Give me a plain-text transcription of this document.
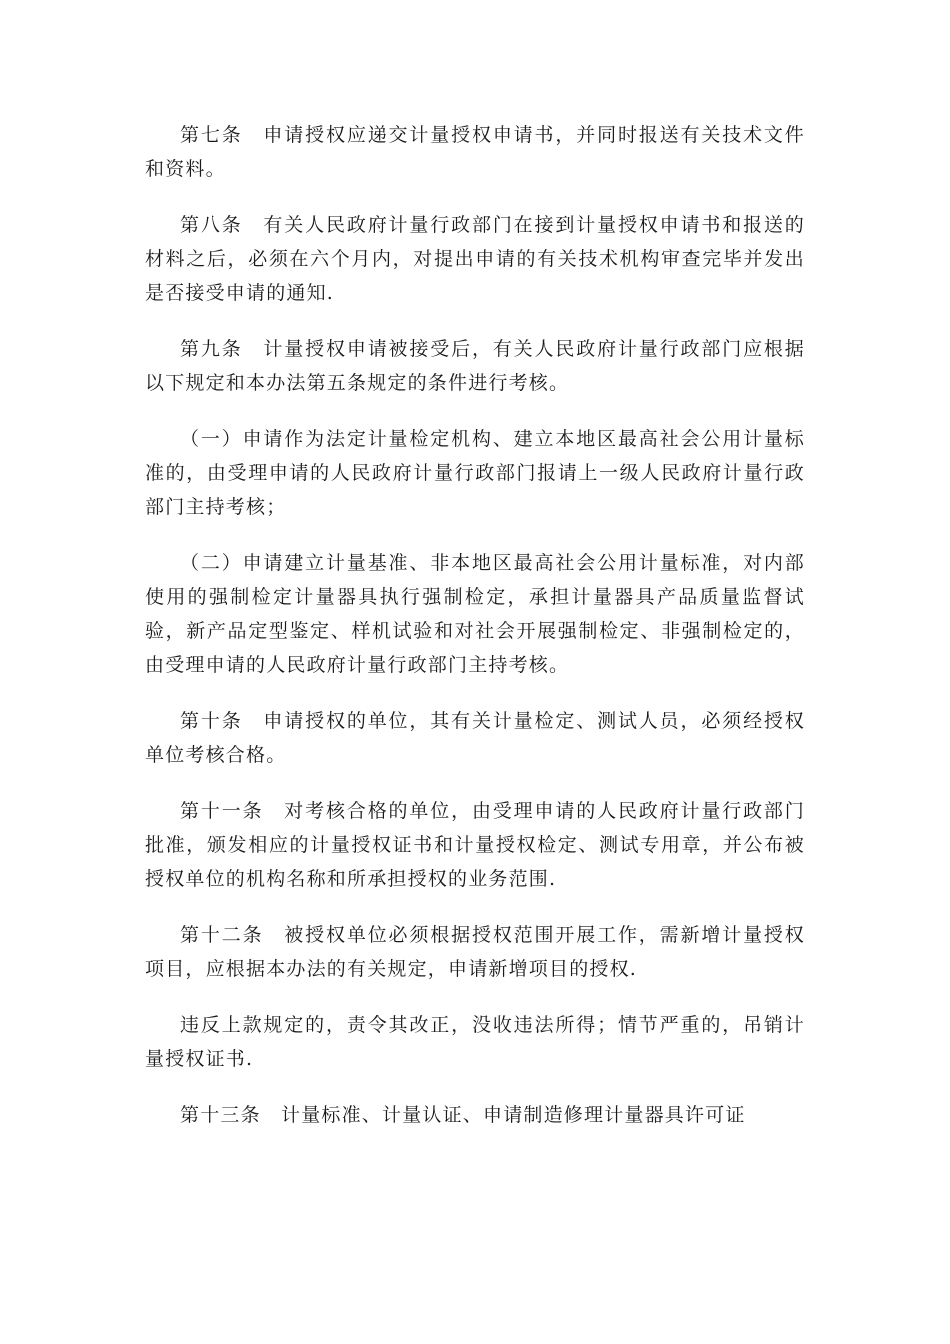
第七条　申请授权应递交计量授权申请书，并同时报送有关技术文件和资料。

第八条　有关人民政府计量行政部门在接到计量授权申请书和报送的材料之后，必须在六个月内，对提出申请的有关技术机构审查完毕并发出是否接受申请的通知.

第九条　计量授权申请被接受后，有关人民政府计量行政部门应根据以下规定和本办法第五条规定的条件进行考核。

（一）申请作为法定计量检定机构、建立本地区最高社会公用计量标准的，由受理申请的人民政府计量行政部门报请上一级人民政府计量行政部门主持考核；

（二）申请建立计量基准、非本地区最高社会公用计量标准，对内部使用的强制检定计量器具执行强制检定，承担计量器具产品质量监督试验，新产品定型鉴定、样机试验和对社会开展强制检定、非强制检定的，由受理申请的人民政府计量行政部门主持考核。

第十条　申请授权的单位，其有关计量检定、测试人员，必须经授权单位考核合格。

第十一条　对考核合格的单位，由受理申请的人民政府计量行政部门批准，颁发相应的计量授权证书和计量授权检定、测试专用章，并公布被授权单位的机构名称和所承担授权的业务范围.

第十二条　被授权单位必须根据授权范围开展工作，需新增计量授权项目，应根据本办法的有关规定，申请新增项目的授权.

违反上款规定的，责令其改正，没收违法所得；情节严重的，吊销计量授权证书.

第十三条　计量标准、计量认证、申请制造修理计量器具许可证
